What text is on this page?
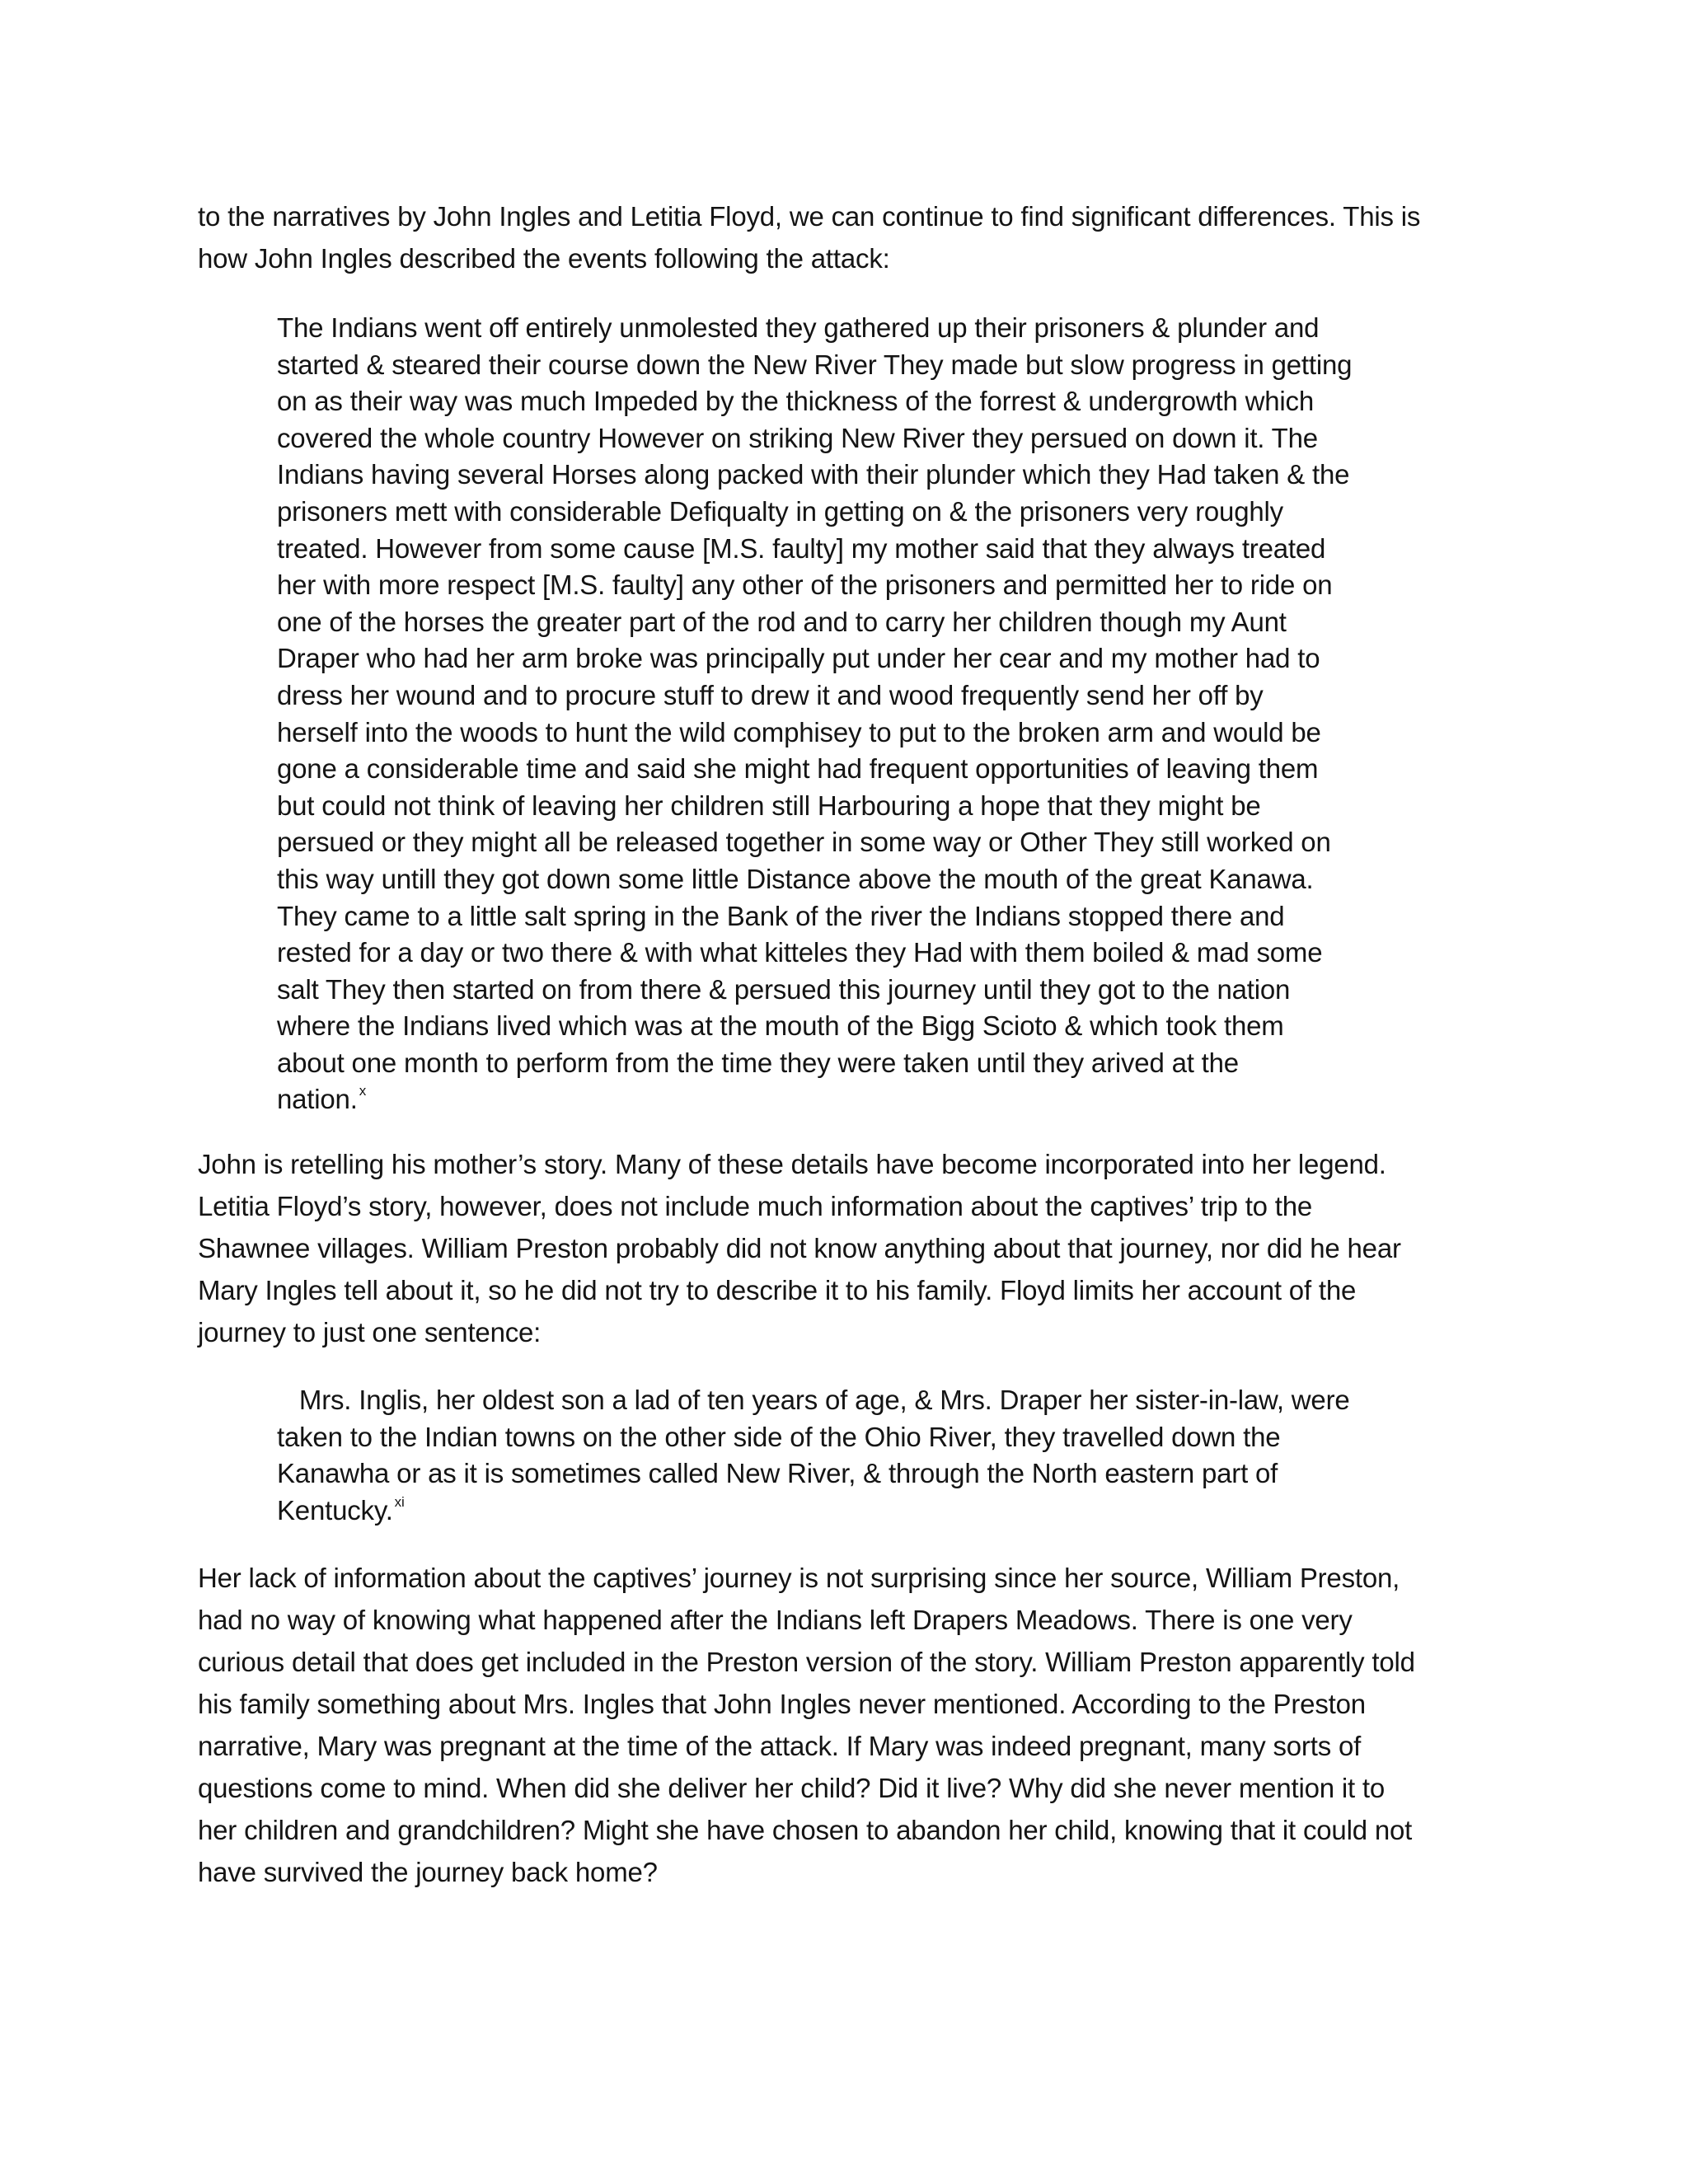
to the narratives by John Ingles and Letitia Floyd, we can continue to find significant differences. This is
how John Ingles described the events following the attack:

The Indians went off entirely unmolested they gathered up their prisoners & plunder and
started & steared their course down the New River They made but slow progress in getting
on as their way was much Impeded by the thickness of the forrest & undergrowth which
covered the whole country However on striking New River they persued on down it. The
Indians having several Horses along packed with their plunder which they Had taken & the
prisoners mett with considerable Defiqualty in getting on & the prisoners very roughly
treated. However from some cause [M.S. faulty] my mother said that they always treated
her with more respect [M.S. faulty] any other of the prisoners and permitted her to ride on
one of the horses the greater part of the rod and to carry her children though my Aunt
Draper who had her arm broke was principally put under her cear and my mother had to
dress her wound and to procure stuff to drew it and wood frequently send her off by
herself into the woods to hunt the wild comphisey to put to the broken arm and would be
gone a considerable time and said she might had frequent opportunities of leaving them
but could not think of leaving her children still Harbouring a hope that they might be
persued or they might all be released together in some way or Other They still worked on
this way untill they got down some little Distance above the mouth of the great Kanawa.
They came to a little salt spring in the Bank of the river the Indians stopped there and
rested for a day or two there & with what kitteles they Had with them boiled & mad some
salt They then started on from there & persued this journey until they got to the nation
where the Indians lived which was at the mouth of the Bigg Scioto & which took them
about one month to perform from the time they were taken until they arived at the
nation. $^x$

John is retelling his mother’s story. Many of these details have become incorporated into her legend.
Letitia Floyd’s story, however, does not include much information about the captives’ trip to the
Shawnee villages. William Preston probably did not know anything about that journey, nor did he hear
Mary Ingles tell about it, so he did not try to describe it to his family. Floyd limits her account of the
journey to just one sentence:

Mrs. Inglis, her oldest son a lad of ten years of age, & Mrs. Draper her sister-in-law, were
taken to the Indian towns on the other side of the Ohio River, they travelled down the
Kanawha or as it is sometimes called New River, & through the North eastern part of
Kentucky. $^{xi}$

Her lack of information about the captives’ journey is not surprising since her source, William Preston,
had no way of knowing what happened after the Indians left Drapers Meadows. There is one very
curious detail that does get included in the Preston version of the story. William Preston apparently told
his family something about Mrs. Ingles that John Ingles never mentioned. According to the Preston
narrative, Mary was pregnant at the time of the attack. If Mary was indeed pregnant, many sorts of
questions come to mind. When did she deliver her child? Did it live? Why did she never mention it to
her children and grandchildren? Might she have chosen to abandon her child, knowing that it could not
have survived the journey back home?
